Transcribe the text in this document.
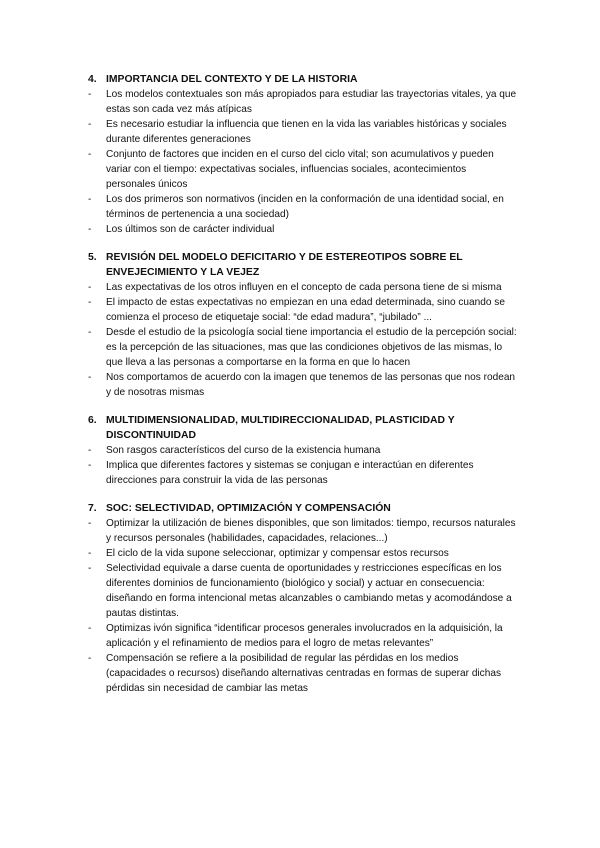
4. IMPORTANCIA DEL CONTEXTO Y DE LA HISTORIA
-	Los modelos contextuales son más apropiados para estudiar las trayectorias vitales, ya que estas son cada vez más atípicas
-	Es necesario estudiar la influencia que tienen en la vida las variables históricas y sociales durante diferentes generaciones
-	Conjunto de factores que inciden en el curso del ciclo vital; son acumulativos y pueden variar con el tiempo: expectativas sociales, influencias sociales, acontecimientos personales únicos
-	Los dos primeros son normativos (inciden en la conformación de una identidad social, en términos de pertenencia a una sociedad)
-	Los últimos son de carácter individual
5. REVISIÓN DEL MODELO DEFICITARIO Y DE ESTEREOTIPOS SOBRE EL ENVEJECIMIENTO Y LA VEJEZ
-	Las expectativas de los otros influyen en el concepto de cada persona tiene de si misma
-	El impacto de estas expectativas no empiezan en una edad determinada, sino cuando se comienza el proceso de etiquetaje social: “de edad madura”, “jubilado” ...
-	Desde el estudio de la psicología social tiene importancia el estudio de la percepción social: es la percepción de las situaciones, mas que las condiciones objetivos de las mismas, lo que lleva a las personas a comportarse en la forma en que lo hacen
-	Nos comportamos de acuerdo con la imagen que tenemos de las personas que nos rodean y de nosotras mismas
6. MULTIDIMENSIONALIDAD, MULTIDIRECCIONALIDAD, PLASTICIDAD Y DISCONTINUIDAD
-	Son rasgos característicos del curso de la existencia humana
-	Implica que diferentes factores y sistemas se conjugan e interactúan en diferentes direcciones para construir la vida de las personas
7. SOC: SELECTIVIDAD, OPTIMIZACIÓN Y COMPENSACIÓN
-	Optimizar la utilización de bienes disponibles, que son limitados: tiempo, recursos naturales y recursos personales (habilidades, capacidades, relaciones...)
-	El ciclo de la vida supone seleccionar, optimizar y compensar estos recursos
-	Selectividad equivale a darse cuenta de oportunidades y restricciones específicas en los diferentes dominios de funcionamiento (biológico y social) y actuar en consecuencia: diseñando en forma intencional metas alcanzables o cambiando metas y acomodándose a pautas distintas.
-	Optimizas ivón significa “identificar procesos generales involucrados en la adquisición, la aplicación y el refinamiento de medios para el logro de metas relevantes”
-	Compensación se refiere a la posibilidad de regular las pérdidas en los medios (capacidades o recursos) diseñando alternativas centradas en formas de superar dichas pérdidas sin necesidad de cambiar las metas
